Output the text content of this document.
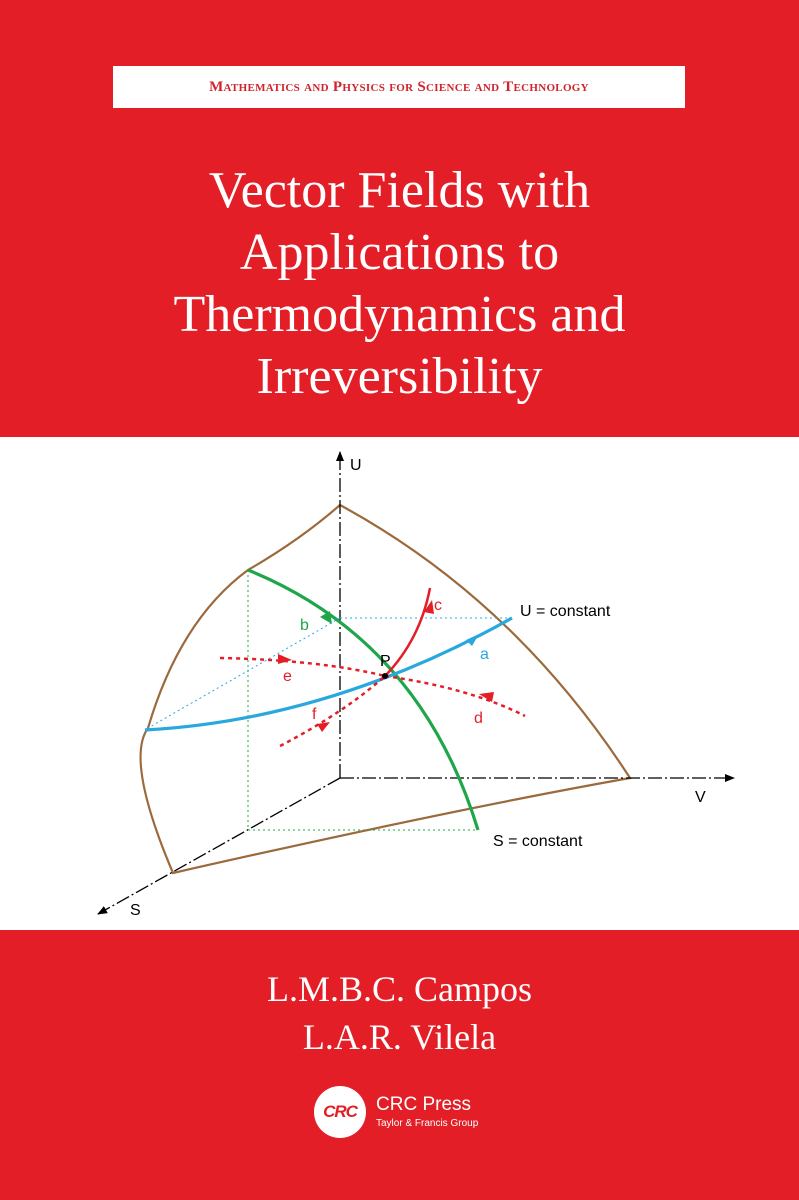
Mathematics and Physics for Science and Technology
Vector Fields with
Applications to
Thermodynamics and
Irreversibility
U
V
S
U = constant
S = constant
P	a
b
c
d
e
f
L.M.B.C. Campos
L.A.R. Vilela
CRC CRC Press
Taylor & Francis Group
